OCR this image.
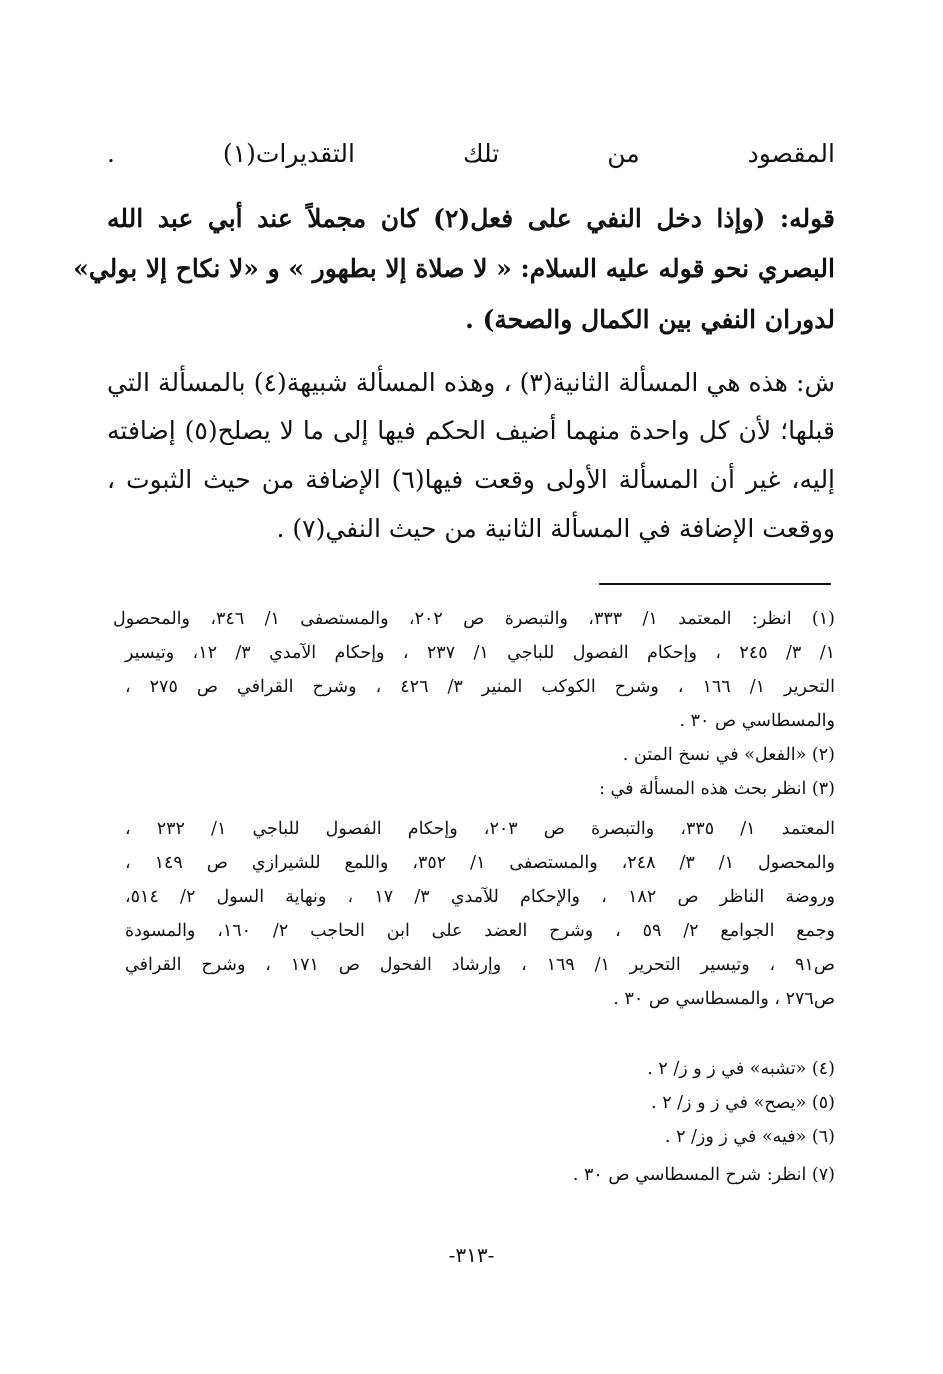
المقصود من تلك التقديرات(١) .
قوله: (وإذا دخل النفي على فعل(٢) كان مجملاً عند أبي عبد الله
البصري نحو قوله عليه السلام: « لا صلاة إلا بطهور » و «لا نكاح إلا بولي»
لدوران النفي بين الكمال والصحة) .
ش: هذه هي المسألة الثانية(٣) ، وهذه المسألة شبيهة(٤) بالمسألة التي
قبلها؛ لأن كل واحدة منهما أضيف الحكم فيها إلى ما لا يصلح(٥) إضافته
إليه، غير أن المسألة الأولى وقعت فيها(٦) الإضافة من حيث الثبوت ،
ووقعت الإضافة في المسألة الثانية من حيث النفي(٧) .
(١) انظر: المعتمد ١/ ٣٣٣، والتبصرة ص ٢٠٢، والمستصفى ١/ ٣٤٦، والمحصول
١/ ٣/ ٢٤٥ ، وإحكام الفصول للباجي ١/ ٢٣٧ ، وإحكام الآمدي ٣/ ١٢، وتيسير
التحرير ١/ ١٦٦ ، وشرح الكوكب المنير ٣/ ٤٢٦ ، وشرح القرافي ص ٢٧٥ ،
والمسطاسي ص ٣٠ .
(٢) «الفعل» في نسخ المتن .
(٣) انظر بحث هذه المسألة في :
المعتمد ١/ ٣٣٥، والتبصرة ص ٢٠٣، وإحكام الفصول للباجي ١/ ٢٣٢ ،
والمحصول ١/ ٣/ ٢٤٨، والمستصفى ١/ ٣٥٢، واللمع للشيرازي ص ١٤٩ ،
وروضة الناظر ص ١٨٢ ، والإحكام للآمدي ٣/ ١٧ ، ونهاية السول ٢/ ٥١٤،
وجمع الجوامع ٢/ ٥٩ ، وشرح العضد على ابن الحاجب ٢/ ١٦٠، والمسودة
ص٩١ ، وتيسير التحرير ١/ ١٦٩ ، وإرشاد الفحول ص ١٧١ ، وشرح القرافي
ص٢٧٦ ، والمسطاسي ص ٣٠ .
(٤) «تشبه» في ز و ز/ ٢ .
(٥) «يصح» في ز و ز/ ٢ .
(٦) «فيه» في ز وز/ ٢ .
(٧) انظر: شرح المسطاسي ص ٣٠ .
-٣١٣-
